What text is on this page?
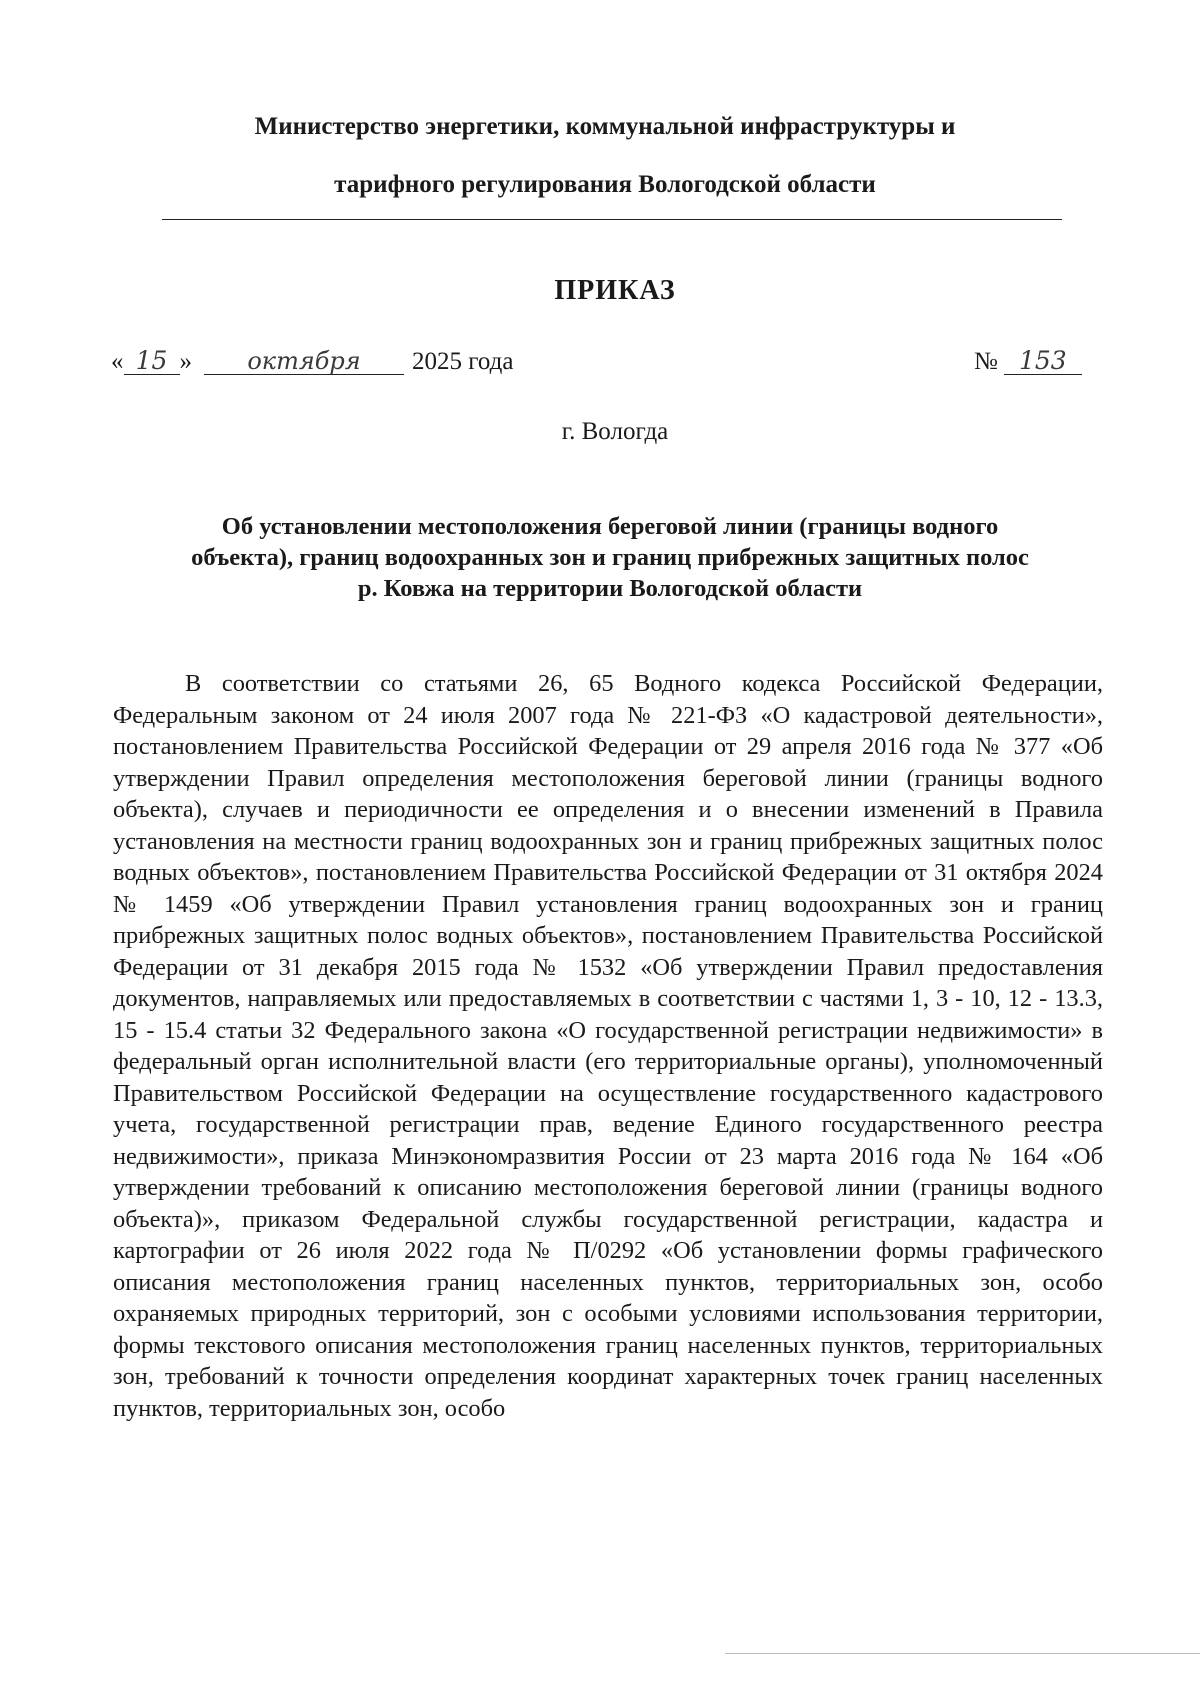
Министерство энергетики, коммунальной инфраструктуры и
тарифного регулирования Вологодской области
ПРИКАЗ
« 15 » октября 2025 года	№ 153
г. Вологда
Об установлении местоположения береговой линии (границы водного
объекта), границ водоохранных зон и границ прибрежных защитных полос
р. Ковжа на территории Вологодской области

В соответствии со статьями 26, 65 Водного кодекса Российской Федерации, Федеральным законом от 24 июля 2007 года № 221-ФЗ «О кадастровой деятельности», постановлением Правительства Российской Федерации от 29 апреля 2016 года № 377 «Об утверждении Правил определения местоположения береговой линии (границы водного объекта), случаев и периодичности ее определения и о внесении изменений в Правила установления на местности границ водоохранных зон и границ прибрежных защитных полос водных объектов», постановлением Правительства Российской Федерации от 31 октября 2024 № 1459 «Об утверждении Правил установления границ водоохранных зон и границ прибрежных защитных полос водных объектов», постановлением Правительства Российской Федерации от 31 декабря 2015 года № 1532 «Об утверждении Правил предоставления документов, направляемых или предоставляемых в соответствии с частями 1, 3 - 10, 12 - 13.3, 15 - 15.4 статьи 32 Федерального закона «О государственной регистрации недвижимости» в федеральный орган исполнительной власти (его территориальные органы), уполномоченный Правительством Российской Федерации на осуществление государственного кадастрового учета, государственной регистрации прав, ведение Единого государственного реестра недвижимости», приказа Минэкономразвития России от 23 марта 2016 года № 164 «Об утверждении требований к описанию местоположения береговой линии (границы водного объекта)», приказом Федеральной службы государственной регистрации, кадастра и картографии от 26 июля 2022 года № П/0292 «Об установлении формы графического описания местоположения границ населенных пунктов, территориальных зон, особо охраняемых природных территорий, зон с особыми условиями использования территории, формы текстового описания местоположения границ населенных пунктов, территориальных зон, требований к точности определения координат характерных точек границ населенных пунктов, территориальных зон, особо
